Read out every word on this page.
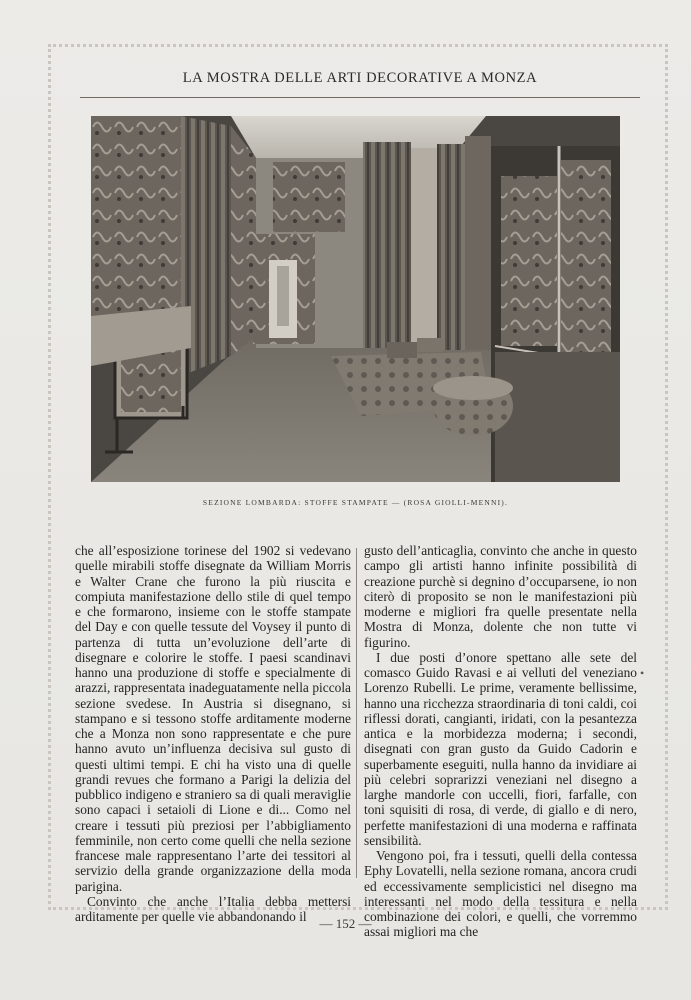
LA MOSTRA DELLE ARTI DECORATIVE A MONZA
SEZIONE LOMBARDA: STOFFE STAMPATE — (ROSA GIOLLI-MENNI).

che all’esposizione torinese del 1902 si vedevano quelle mirabili stoffe disegnate da William Morris e Walter Crane che furono la più riuscita e compiuta manifestazione dello stile di quel tempo e che formarono, insieme con le stoffe stampate del Day e con quelle tessute del Voysey il punto di partenza di tutta un’evoluzione dell’arte di disegnare e colorire le stoffe. I paesi scandinavi hanno una produzione di stoffe e specialmente di arazzi, rappresentata inadeguatamente nella piccola sezione svedese. In Austria si disegnano, si stampano e si tessono stoffe arditamente moderne che a Monza non sono rappresentate e che pure hanno avuto un’influenza decisiva sul gusto di questi ultimi tempi. E chi ha visto una di quelle grandi revues che formano a Parigi la delizia del pubblico indigeno e straniero sa di quali meraviglie sono capaci i setaioli di Lione e di... Como nel creare i tessuti più preziosi per l’abbigliamento femminile, non certo come quelli che nella sezione francese male rappresentano l’arte dei tessitori al servizio della grande organizzazione della moda parigina.

Convinto che anche l’Italia debba mettersi arditamente per quelle vie abbandonando il

gusto dell’anticaglia, convinto che anche in questo campo gli artisti hanno infinite possibilità di creazione purchè si degnino d’occuparsene, io non citerò di proposito se non le manifestazioni più moderne e migliori fra quelle presentate nella Mostra di Monza, dolente che non tutte vi figurino.

I due posti d’onore spettano alle sete del comasco Guido Ravasi e ai velluti del veneziano Lorenzo Rubelli. Le prime, veramente bellissime, hanno una ricchezza straordinaria di toni caldi, coi riflessi dorati, cangianti, iridati, con la pesantezza antica e la morbidezza moderna; i secondi, disegnati con gran gusto da Guido Cadorin e superbamente eseguiti, nulla hanno da invidiare ai più celebri soprarizzi veneziani nel disegno a larghe mandorle con uccelli, fiori, farfalle, con toni squisiti di rosa, di verde, di giallo e di nero, perfette manifestazioni di una moderna e raffinata sensibilità.

Vengono poi, fra i tessuti, quelli della contessa Ephy Lovatelli, nella sezione romana, ancora crudi ed eccessivamente semplicistici nel disegno ma interessanti nel modo della tessitura e nella combinazione dei colori, e quelli, che vorremmo assai migliori ma che

•
— 152 —
